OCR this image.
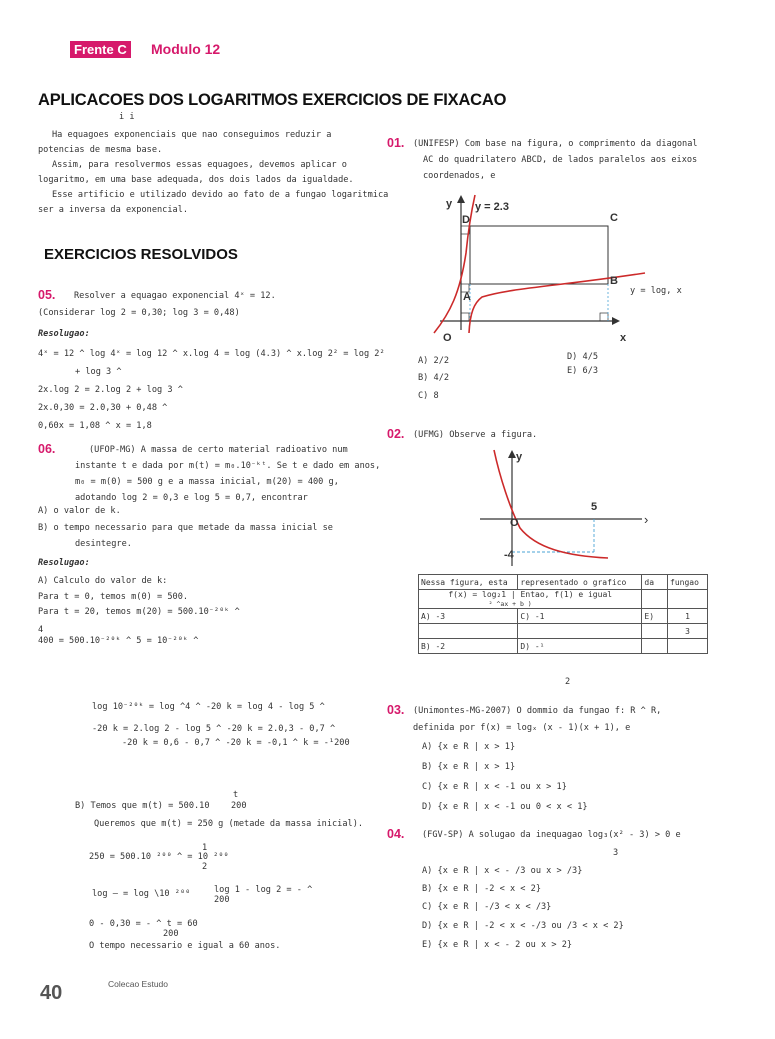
Frente C Modulo 12
APLICACOES DOS LOGARITMOS EXERCICIOS DE FIXACAO
i i
Ha equagoes exponenciais que nao conseguimos reduzir a
potencias de mesma base.
Assim, para resolvermos essas equagoes, devemos aplicar o
logaritmo, em uma base adequada, dos dois lados da igualdade.
Esse artificio e utilizado devido ao fato de a fungao logaritmica
ser a inversa da exponencial.
EXERCICIOS RESOLVIDOS
05. Resolver a equagao exponencial 4ˣ = 12.
(Considerar log 2 = 0,30; log 3 = 0,48)
Resolugao:
4ˣ = 12 ^ log 4ˣ = log 12 ^ x.log 4 = log (4.3) ^ x.log 2² = log 2²
+ log 3 ^
2x.log 2 = 2.log 2 + log 3 ^
2x.0,30 = 2.0,30 + 0,48 ^
0,60x = 1,08 ^ x = 1,8
06.	(UFOP-MG) A massa de certo material radioativo num
instante t e dada por m(t) = m₀.10⁻ᵏᵗ. Se t e dado em anos,
m₀ = m(0) = 500 g e a massa inicial, m(20) = 400 g,
adotando log 2 = 0,3 e log 5 = 0,7, encontrar
A) o valor de k.
B) o tempo necessario para que metade da massa inicial se
desintegre.
Resolugao:
A) Calculo do valor de k:
Para t = 0, temos m(0) = 500.
Para t = 20, temos m(20) = 500.10⁻²⁰ᵏ ^
4
400 = 500.10⁻²⁰ᵏ ^ 5 = 10⁻²⁰ᵏ ^
log 10⁻²⁰ᵏ = log ^4 ^ -20 k = log 4 - log 5 ^
-20 k = 2.log 2 - log 5 ^ -20 k = 2.0,3 - 0,7 ^
-20 k = 0,6 - 0,7 ^ -20 k = -0,1 ^ k = -¹200
t
B) Temos que m(t) = 500.10 200
Queremos que m(t) = 250 g (metade da massa inicial).
1
250 = 500.10 ²⁰⁰ ^ = 10 ²⁰⁰
2
log 1 - log 2 = - ^
log — = log \10 ²⁰⁰
200
0 - 0,30 = - ^ t = 60
200
O tempo necessario e igual a 60 anos.
40	Colecao Estudo
01. (UNIFESP) Com base na figura, o comprimento da diagonal
AC do quadrilatero ABCD, de lados paralelos aos eixos
coordenados, e
y y = 2.3
D	C
B
A
O	x
y = log, x
A) 2/2
B) 4/2
C) 8
D) 4/5
E) 6/3
02. (UFMG) Observe a figura.
y
O
5
-4
›
Nessa figura, esta	representado o grafico	da	fungao
f(x) = log₂1 | Entao, f(1) e igual
² ^ax + b )			
A) -3	C) -1	E)	1
			3
B) -2	D) -¹		
2
03. (Unimontes-MG-2007) O dommio da fungao f: R ^ R,
definida por f(x) = logₓ (x - 1)(x + 1), e
A) {x e R | x > 1}
B) {x e R | x > 1}
C) {x e R | x < -1 ou x > 1}
D) {x e R | x < -1 ou 0 < x < 1}
04. (FGV-SP) A solugao da inequagao log₃(x² - 3) > 0 e
3
A) {x e R | x < - /3 ou x > /3}
B) {x e R | -2 < x < 2}
C) {x e R | -/3 < x < /3}
D) {x e R | -2 < x < -/3 ou /3 < x < 2}
E) {x e R | x < - 2 ou x > 2}
